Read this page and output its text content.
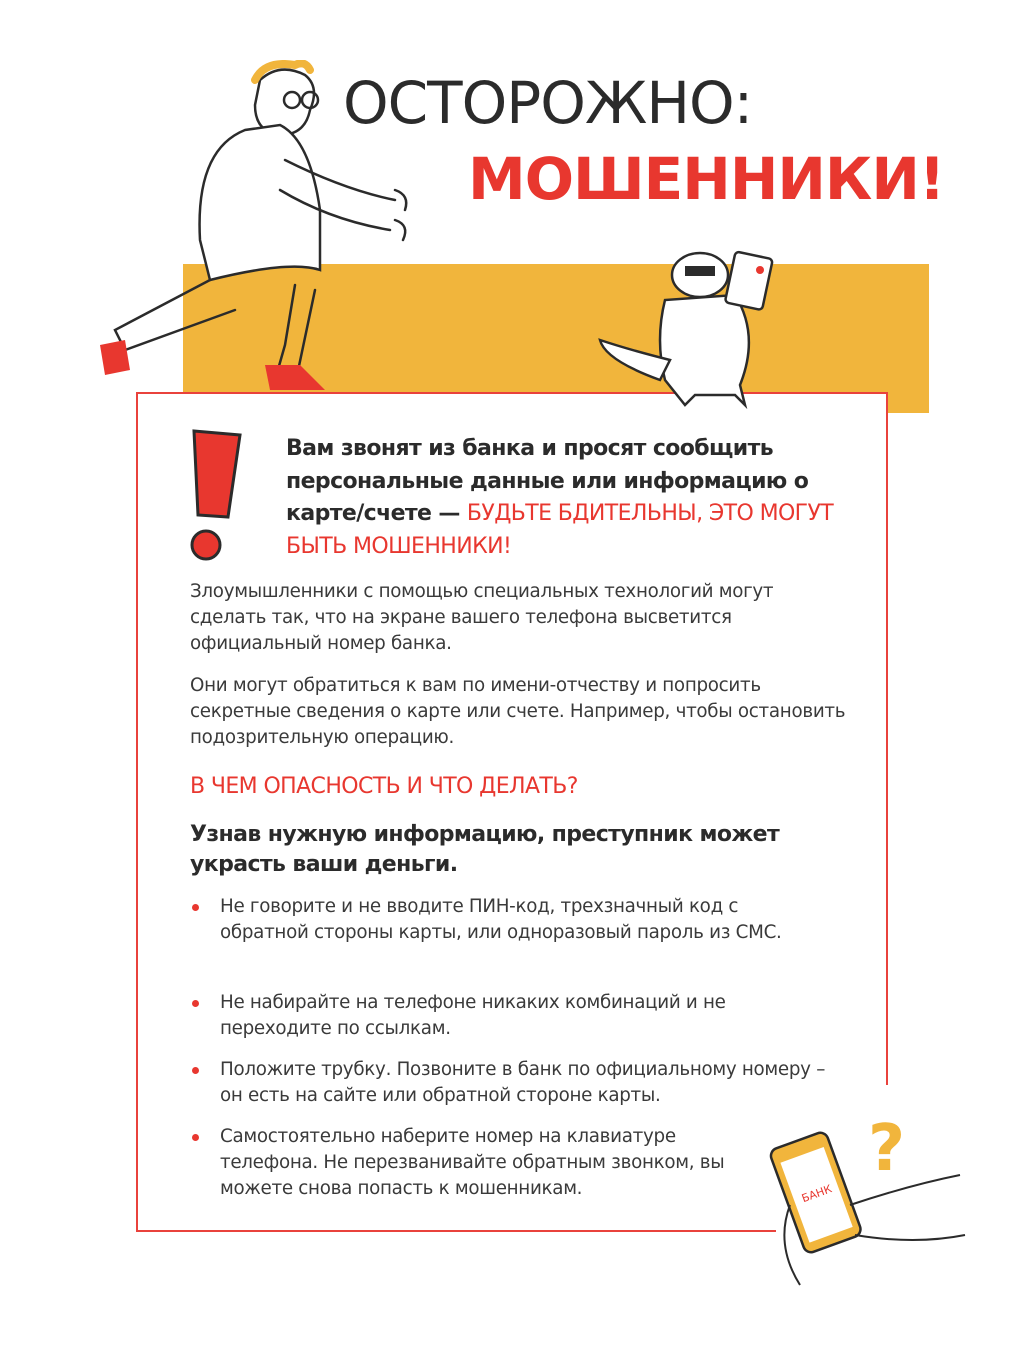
ОСТОРОЖНО:
МОШЕННИКИ!
Вам звонят из банка и просят сообщить персональные данные или информацию о карте/счете — БУДЬТЕ БДИТЕЛЬНЫ, ЭТО МОГУТ БЫТЬ МОШЕННИКИ!
Злоумышленники с помощью специальных технологий могут сделать так, что на экране вашего телефона высветится официальный номер банка.
Они могут обратиться к вам по имени-отчеству и попросить секретные сведения о карте или счете. Например, чтобы остановить подозрительную операцию.
В ЧЕМ ОПАСНОСТЬ И ЧТО ДЕЛАТЬ?
Узнав нужную информацию, преступник может украсть ваши деньги.
Не говорите и не вводите ПИН-код, трехзначный код с обратной стороны карты, или одноразовый пароль из СМС.
Не набирайте на телефоне никаких комбинаций и не переходите по ссылкам.
Положите трубку. Позвоните в банк по официальному номеру – он есть на сайте или обратной стороне карты.
Самостоятельно наберите номер на клавиатуре телефона. Не перезванивайте обратным звонком, вы можете снова попасть к мошенникам.	БАНК
?
